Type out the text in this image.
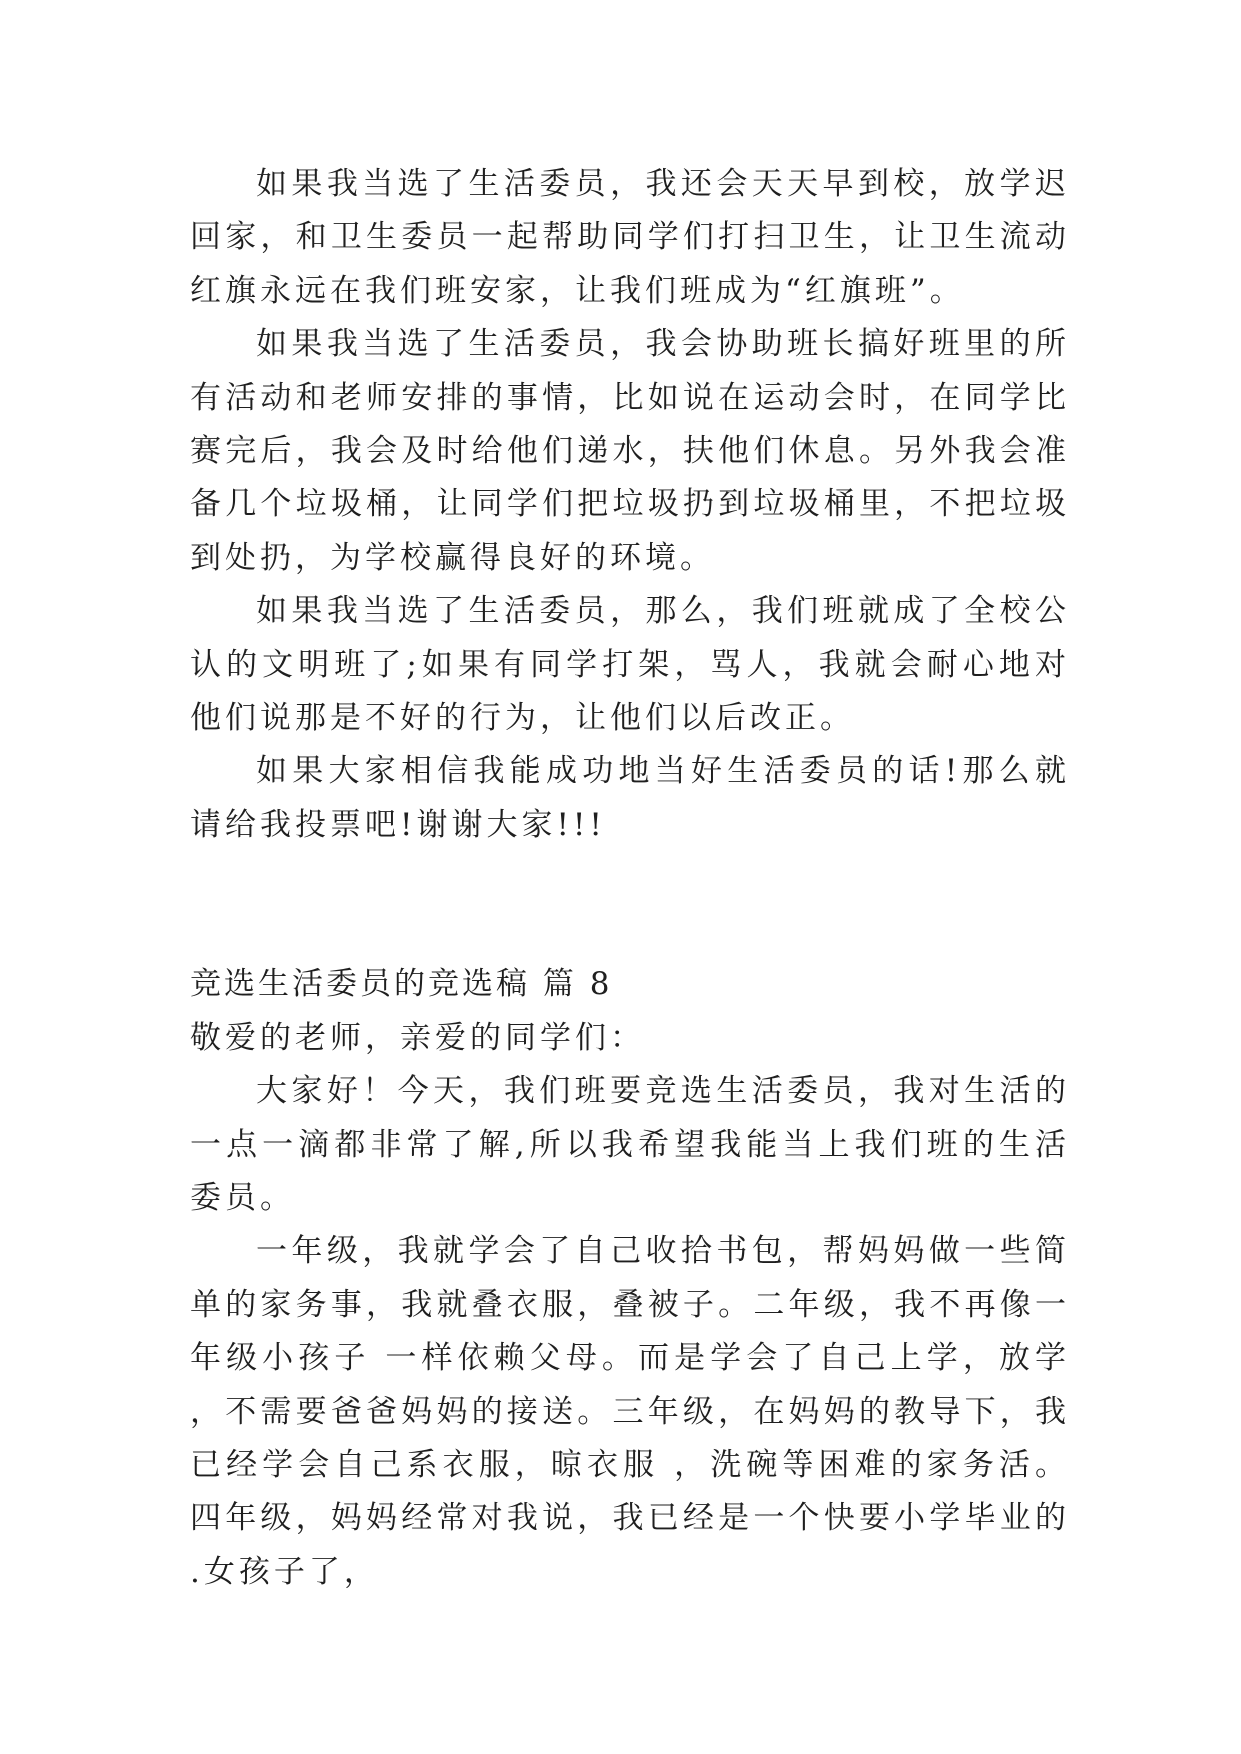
如果我当选了生活委员，我还会天天早到校，放学迟回家，和卫生委员一起帮助同学们打扫卫生，让卫生流动红旗永远在我们班安家，让我们班成为“红旗班”。

如果我当选了生活委员，我会协助班长搞好班里的所有活动和老师安排的事情，比如说在运动会时，在同学比赛完后，我会及时给他们递水，扶他们休息。另外我会准备几个垃圾桶，让同学们把垃圾扔到垃圾桶里，不把垃圾到处扔，为学校赢得良好的环境。

如果我当选了生活委员，那么，我们班就成了全校公认的文明班了;如果有同学打架，骂人，我就会耐心地对他们说那是不好的行为，让他们以后改正。

如果大家相信我能成功地当好生活委员的话!那么就请给我投票吧!谢谢大家!!!

竞选生活委员的竞选稿 篇 8

敬爱的老师，亲爱的同学们：

大家好！今天，我们班要竞选生活委员，我对生活的一点一滴都非常了解,所以我希望我能当上我们班的生活委员。

一年级，我就学会了自己收拾书包，帮妈妈做一些简单的家务事，我就叠衣服，叠被子。二年级，我不再像一年级小孩子 一样依赖父母。而是学会了自己上学，放学，不需要爸爸妈妈的接送。三年级，在妈妈的教导下，我已经学会自己系衣服，晾衣服 ，洗碗等困难的家务活。四年级，妈妈经常对我说，我已经是一个快要小学毕业的.女孩子了，
